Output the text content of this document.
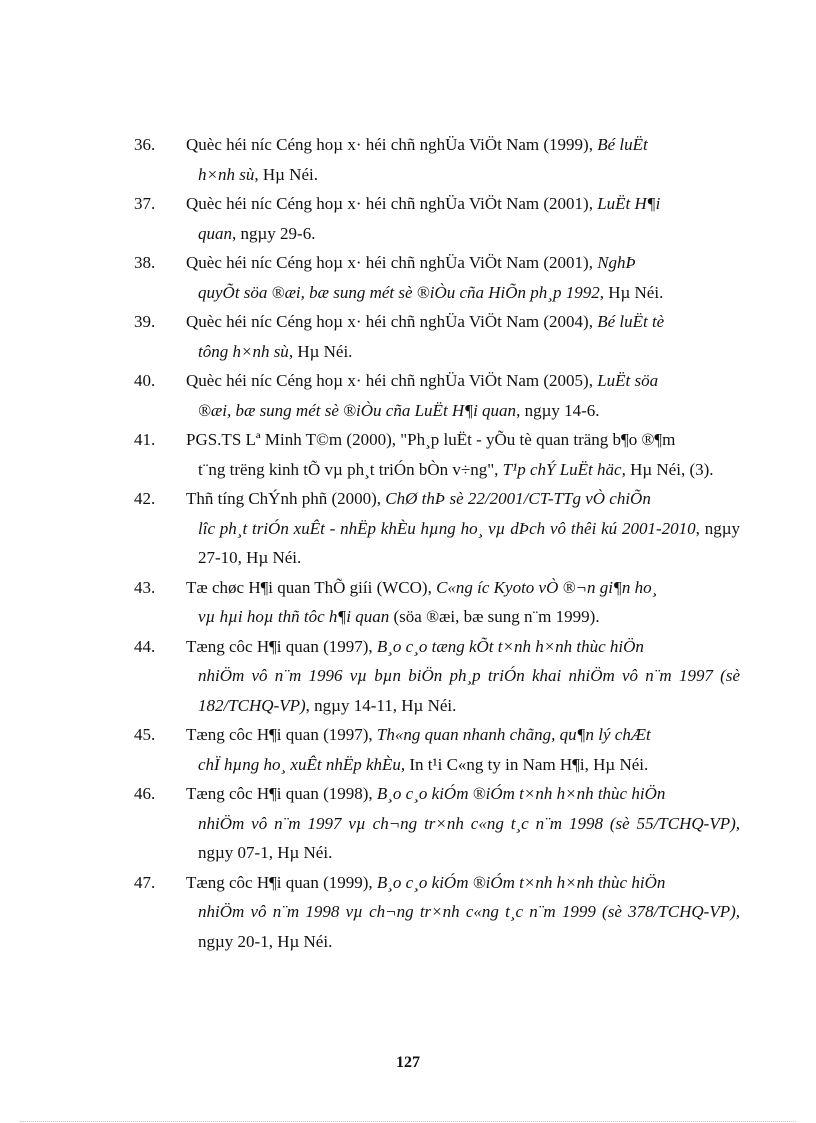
36.	Quèc héi níc Céng hoµ x· héi chñ nghÜa ViÖt Nam (1999), Bé luËt
h×nh sù, Hµ Néi.
37.	Quèc héi níc Céng hoµ x· héi chñ nghÜa ViÖt Nam (2001), LuËt H¶i
quan, ngµy 29-6.
38.	Quèc héi níc Céng hoµ x· héi chñ nghÜa ViÖt Nam (2001), NghÞ
quyÕt söa ®æi, bæ sung mét sè ®iÒu cña HiÕn ph¸p 1992, Hµ Néi.
39.	Quèc héi níc Céng hoµ x· héi chñ nghÜa ViÖt Nam (2004), Bé luËt tè
tông h×nh sù, Hµ Néi.
40.	Quèc héi níc Céng hoµ x· héi chñ nghÜa ViÖt Nam (2005), LuËt söa
®æi, bæ sung mét sè ®iÒu cña LuËt H¶i quan, ngµy 14-6.
41.	PGS.TS Lª Minh T©m (2000), "Ph¸p luËt - yÕu tè quan träng b¶o ®¶m
t¨ng trëng kinh tÕ vµ ph¸t triÓn bÒn v÷ng", T¹p chÝ LuËt häc, Hµ Néi, (3).
42.	Thñ tíng ChÝnh phñ (2000), ChØ thÞ sè 22/2001/CT-TTg vÒ chiÕn
lîc ph¸t triÓn xuÊt - nhËp khÈu hµng ho¸ vµ dÞch vô thêi kú 2001-2010, ngµy 27-10, Hµ Néi.
43.	Tæ chøc H¶i quan ThÕ giíi (WCO), C«ng íc Kyoto vÒ ®¬n gi¶n ho¸
vµ hµi hoµ thñ tôc h¶i quan (söa ®æi, bæ sung n¨m 1999).
44.	Tæng côc H¶i quan (1997), B¸o c¸o tæng kÕt t×nh h×nh thùc hiÖn
nhiÖm vô n¨m 1996 vµ bµn biÖn ph¸p triÓn khai nhiÖm vô n¨m 1997 (sè 182/TCHQ-VP), ngµy 14-11, Hµ Néi.
45.	Tæng côc H¶i quan (1997), Th«ng quan nhanh chãng, qu¶n lý chÆt
chÏ hµng ho¸ xuÊt nhËp khÈu, In t¹i C«ng ty in Nam H¶i, Hµ Néi.
46.	Tæng côc H¶i quan (1998), B¸o c¸o kiÓm ®iÓm t×nh h×nh thùc hiÖn
nhiÖm vô n¨m 1997 vµ ch¬ng tr×nh c«ng t¸c n¨m 1998 (sè 55/TCHQ-VP), ngµy 07-1, Hµ Néi.
47.	Tæng côc H¶i quan (1999), B¸o c¸o kiÓm ®iÓm t×nh h×nh thùc hiÖn
nhiÖm vô n¨m 1998 vµ ch¬ng tr×nh c«ng t¸c n¨m 1999 (sè 378/TCHQ-VP), ngµy 20-1, Hµ Néi.
127
